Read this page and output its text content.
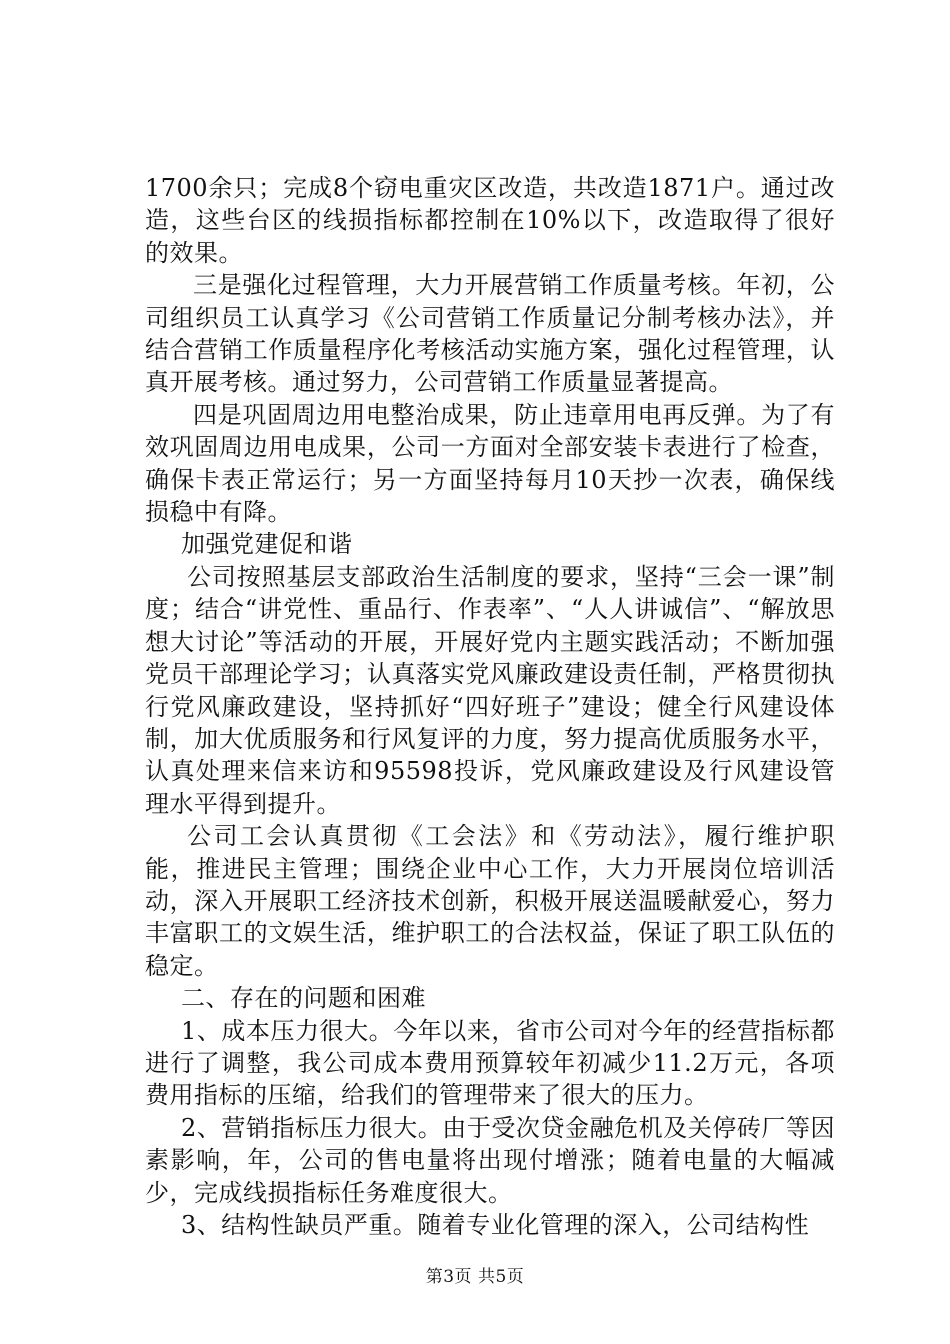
1700余只；完成8个窃电重灾区改造，共改造1871户。通过改造，这些台区的线损指标都控制在10%以下，改造取得了很好的效果。

三是强化过程管理，大力开展营销工作质量考核。年初，公司组织员工认真学习《公司营销工作质量记分制考核办法》，并结合营销工作质量程序化考核活动实施方案，强化过程管理，认真开展考核。通过努力，公司营销工作质量显著提高。

四是巩固周边用电整治成果，防止违章用电再反弹。为了有效巩固周边用电成果，公司一方面对全部安装卡表进行了检查，确保卡表正常运行；另一方面坚持每月10天抄一次表，确保线损稳中有降。

加强党建促和谐

公司按照基层支部政治生活制度的要求，坚持“三会一课”制度；结合“讲党性、重品行、作表率”、“人人讲诚信”、“解放思想大讨论”等活动的开展，开展好党内主题实践活动；不断加强党员干部理论学习；认真落实党风廉政建设责任制，严格贯彻执行党风廉政建设，坚持抓好“四好班子”建设；健全行风建设体制，加大优质服务和行风复评的力度，努力提高优质服务水平，认真处理来信来访和95598投诉，党风廉政建设及行风建设管理水平得到提升。

公司工会认真贯彻《工会法》和《劳动法》，履行维护职能，推进民主管理；围绕企业中心工作，大力开展岗位培训活动，深入开展职工经济技术创新，积极开展送温暖献爱心，努力丰富职工的文娱生活，维护职工的合法权益，保证了职工队伍的稳定。

二、存在的问题和困难

1、成本压力很大。今年以来，省市公司对今年的经营指标都进行了调整，我公司成本费用预算较年初减少11.2万元，各项费用指标的压缩，给我们的管理带来了很大的压力。

2、营销指标压力很大。由于受次贷金融危机及关停砖厂等因素影响，年，公司的售电量将出现付增涨；随着电量的大幅减少，完成线损指标任务难度很大。

3、结构性缺员严重。随着专业化管理的深入，公司结构性

第3页 共5页
